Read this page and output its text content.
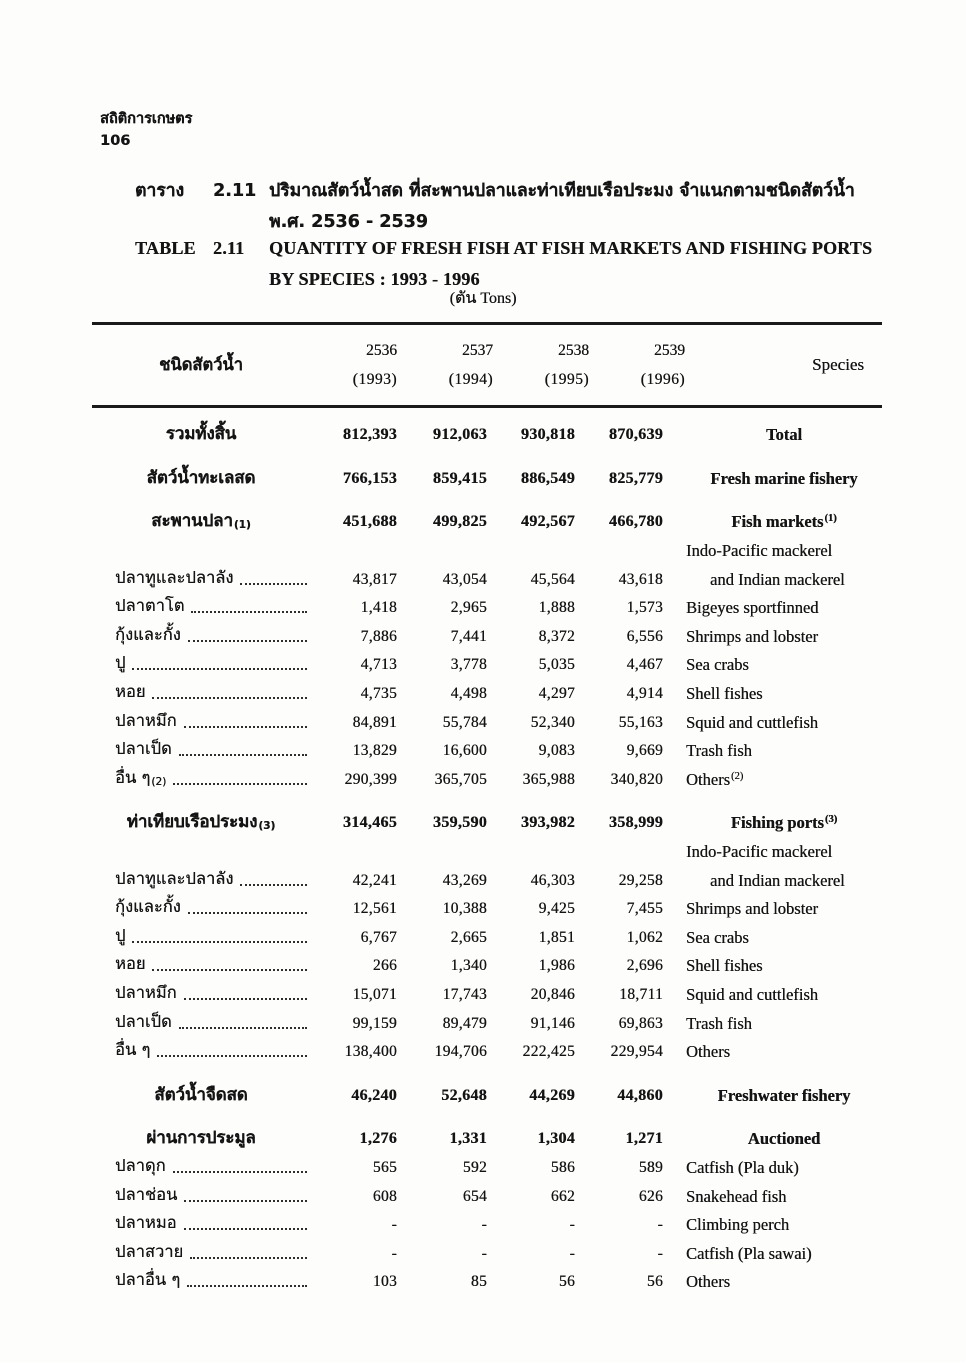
สถิติการเกษตร
106
ตาราง	2.11 ปริมาณสัตว์น้ำสด ที่สะพานปลาและท่าเทียบเรือประมง จำแนกตามชนิดสัตว์น้ำ
พ.ศ. 2536 - 2539
TABLE 2.11	QUANTITY OF FRESH FISH AT FISH MARKETS AND FISHING PORTS
BY SPECIES : 1993 - 1996
(ตัน Tons)
ชนิดสัตว์น้ำ
2536
(1993)
2537
(1994)
2538
(1995)
2539
(1996)
Species
รวมทั้งสิ้น	812,393	912,063	930,818	870,639	Total
สัตว์น้ำทะเลสด	766,153	859,415	886,549	825,779	Fresh marine fishery
สะพานปลา (1)	451,688	499,825	492,567	466,780	Fish markets (1)
Indo-Pacific mackerel
ปลาทูและปลาลัง	43,817	43,054	45,564	43,618	and Indian mackerel
ปลาตาโต	1,418	2,965	1,888	1,573 Bigeyes sportfinned
กุ้งและกั้ง	7,886	7,441	8,372	6,556 Shrimps and lobster
ปู	4,713	3,778	5,035	4,467 Sea crabs
หอย	4,735	4,498	4,297	4,914 Shell fishes
ปลาหมึก	84,891	55,784	52,340	55,163 Squid and cuttlefish
ปลาเป็ด	13,829	16,600	9,083	9,669 Trash fish
อื่น ๆ (2)	290,399	365,705	365,988	340,820 Others (2)
ท่าเทียบเรือประมง (3)	314,465	359,590	393,982	358,999	Fishing ports (3)
Indo-Pacific mackerel
ปลาทูและปลาลัง	42,241	43,269	46,303	29,258	and Indian mackerel
กุ้งและกั้ง	12,561	10,388	9,425	7,455 Shrimps and lobster
ปู	6,767	2,665	1,851	1,062 Sea crabs
หอย	266	1,340	1,986	2,696 Shell fishes
ปลาหมึก	15,071	17,743	20,846	18,711 Squid and cuttlefish
ปลาเป็ด	99,159	89,479	91,146	69,863 Trash fish
อื่น ๆ	138,400	194,706	222,425	229,954 Others
สัตว์น้ำจืดสด	46,240	52,648	44,269	44,860	Freshwater fishery
ผ่านการประมูล	1,276	1,331	1,304	1,271	Auctioned
ปลาดุก	565	592	586	589 Catfish (Pla duk)
ปลาช่อน	608	654	662	626 Snakehead fish
ปลาหมอ	-	-	-	- Climbing perch
ปลาสวาย	-	-	-	- Catfish (Pla sawai)
ปลาอื่น ๆ	103	85	56	56 Others
